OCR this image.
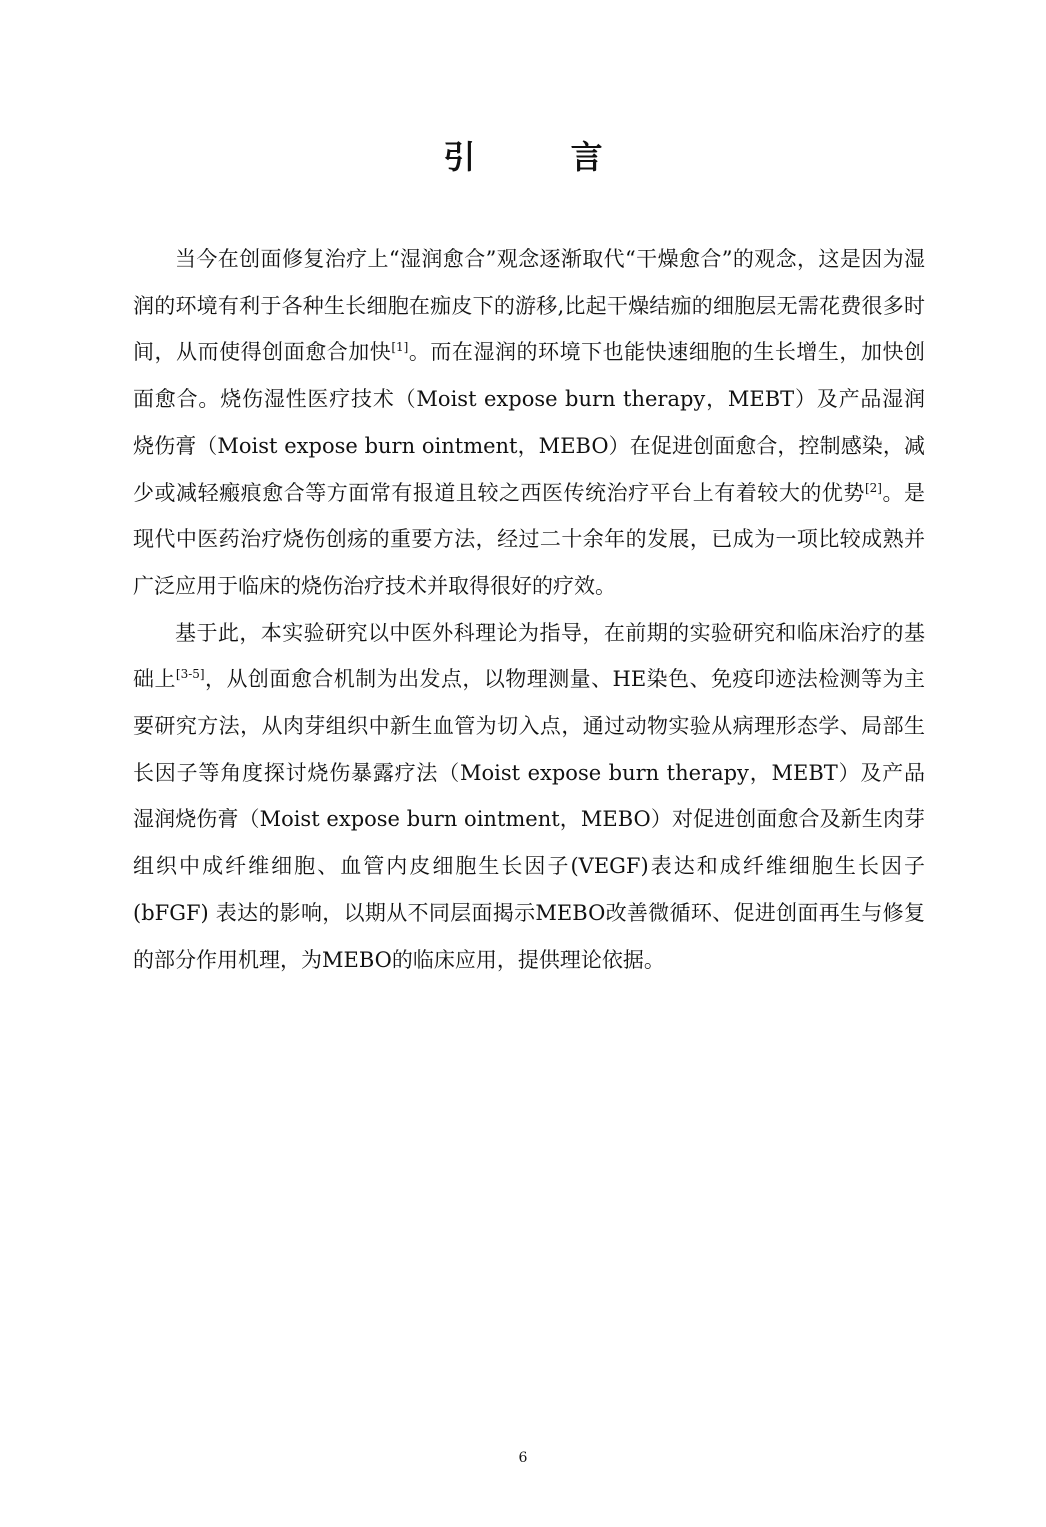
引 言

当今在创面修复治疗上“湿润愈合”观念逐渐取代“干燥愈合”的观念，这是因为湿润的环境有利于各种生长细胞在痂皮下的游移,比起干燥结痂的细胞层无需花费很多时间，从而使得创面愈合加快[1]。而在湿润的环境下也能快速细胞的生长增生，加快创面愈合。烧伤湿性医疗技术（Moist expose burn therapy，MEBT）及产品湿润烧伤膏（Moist expose burn ointment，MEBO）在促进创面愈合，控制感染，减少或减轻瘢痕愈合等方面常有报道且较之西医传统治疗平台上有着较大的优势[2]。是现代中医药治疗烧伤创疡的重要方法，经过二十余年的发展，已成为一项比较成熟并广泛应用于临床的烧伤治疗技术并取得很好的疗效。

基于此，本实验研究以中医外科理论为指导，在前期的实验研究和临床治疗的基础上[3-5]，从创面愈合机制为出发点，以物理测量、HE染色、免疫印迹法检测等为主要研究方法，从肉芽组织中新生血管为切入点，通过动物实验从病理形态学、局部生长因子等角度探讨烧伤暴露疗法（Moist expose burn therapy，MEBT）及产品湿润烧伤膏（Moist expose burn ointment，MEBO）对促进创面愈合及新生肉芽组织中成纤维细胞、血管内皮细胞生长因子(VEGF)表达和成纤维细胞生长因子(bFGF) 表达的影响，以期从不同层面揭示MEBO改善微循环、促进创面再生与修复的部分作用机理，为MEBO的临床应用，提供理论依据。

6
